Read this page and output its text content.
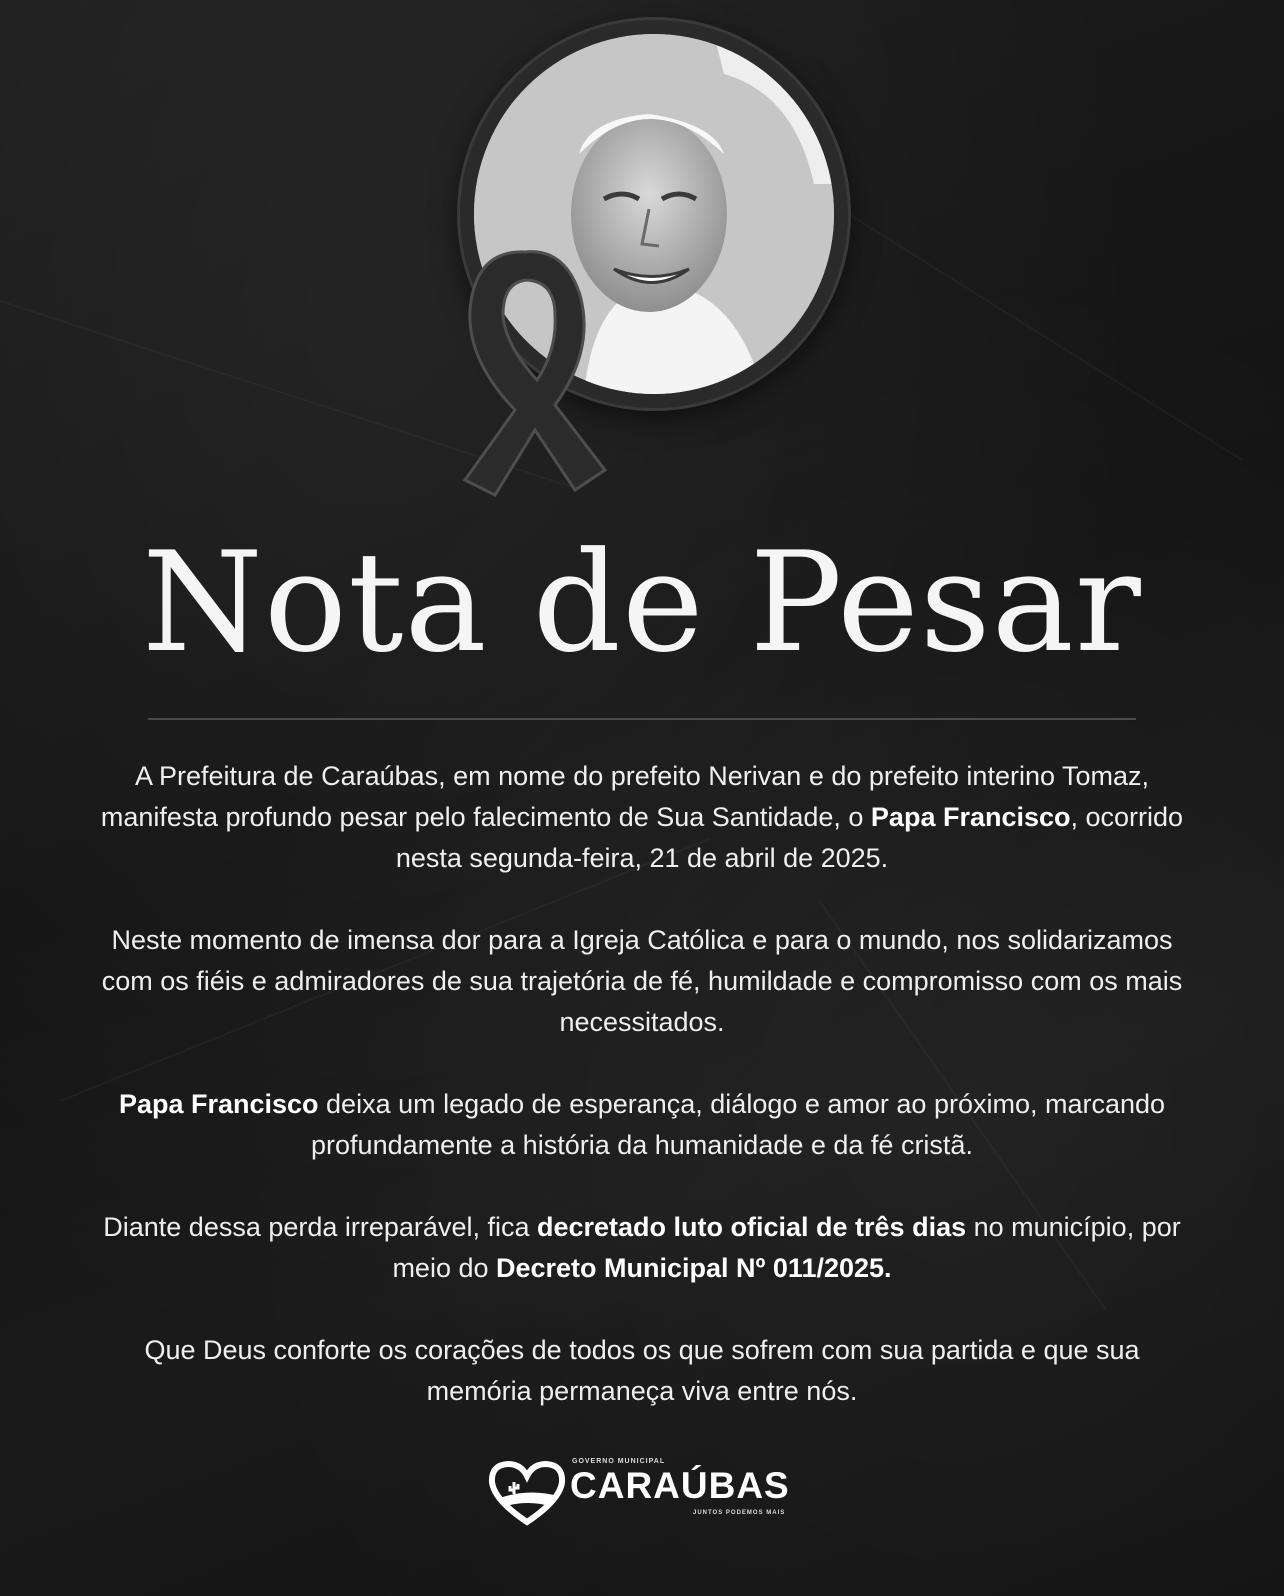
Nota de Pesar

A Prefeitura de Caraúbas, em nome do prefeito Nerivan e do prefeito interino Tomaz, manifesta profundo pesar pelo falecimento de Sua Santidade, o Papa Francisco, ocorrido nesta segunda-feira, 21 de abril de 2025.

Neste momento de imensa dor para a Igreja Católica e para o mundo, nos solidarizamos com os fiéis e admiradores de sua trajetória de fé, humildade e compromisso com os mais necessitados.

Papa Francisco deixa um legado de esperança, diálogo e amor ao próximo, marcando profundamente a história da humanidade e da fé cristã.

Diante dessa perda irreparável, fica decretado luto oficial de três dias no município, por meio do Decreto Municipal Nº 011/2025.

Que Deus conforte os corações de todos os que sofrem com sua partida e que sua memória permaneça viva entre nós.

GOVERNO MUNICIPAL
CARAÚBAS
JUNTOS PODEMOS MAIS
